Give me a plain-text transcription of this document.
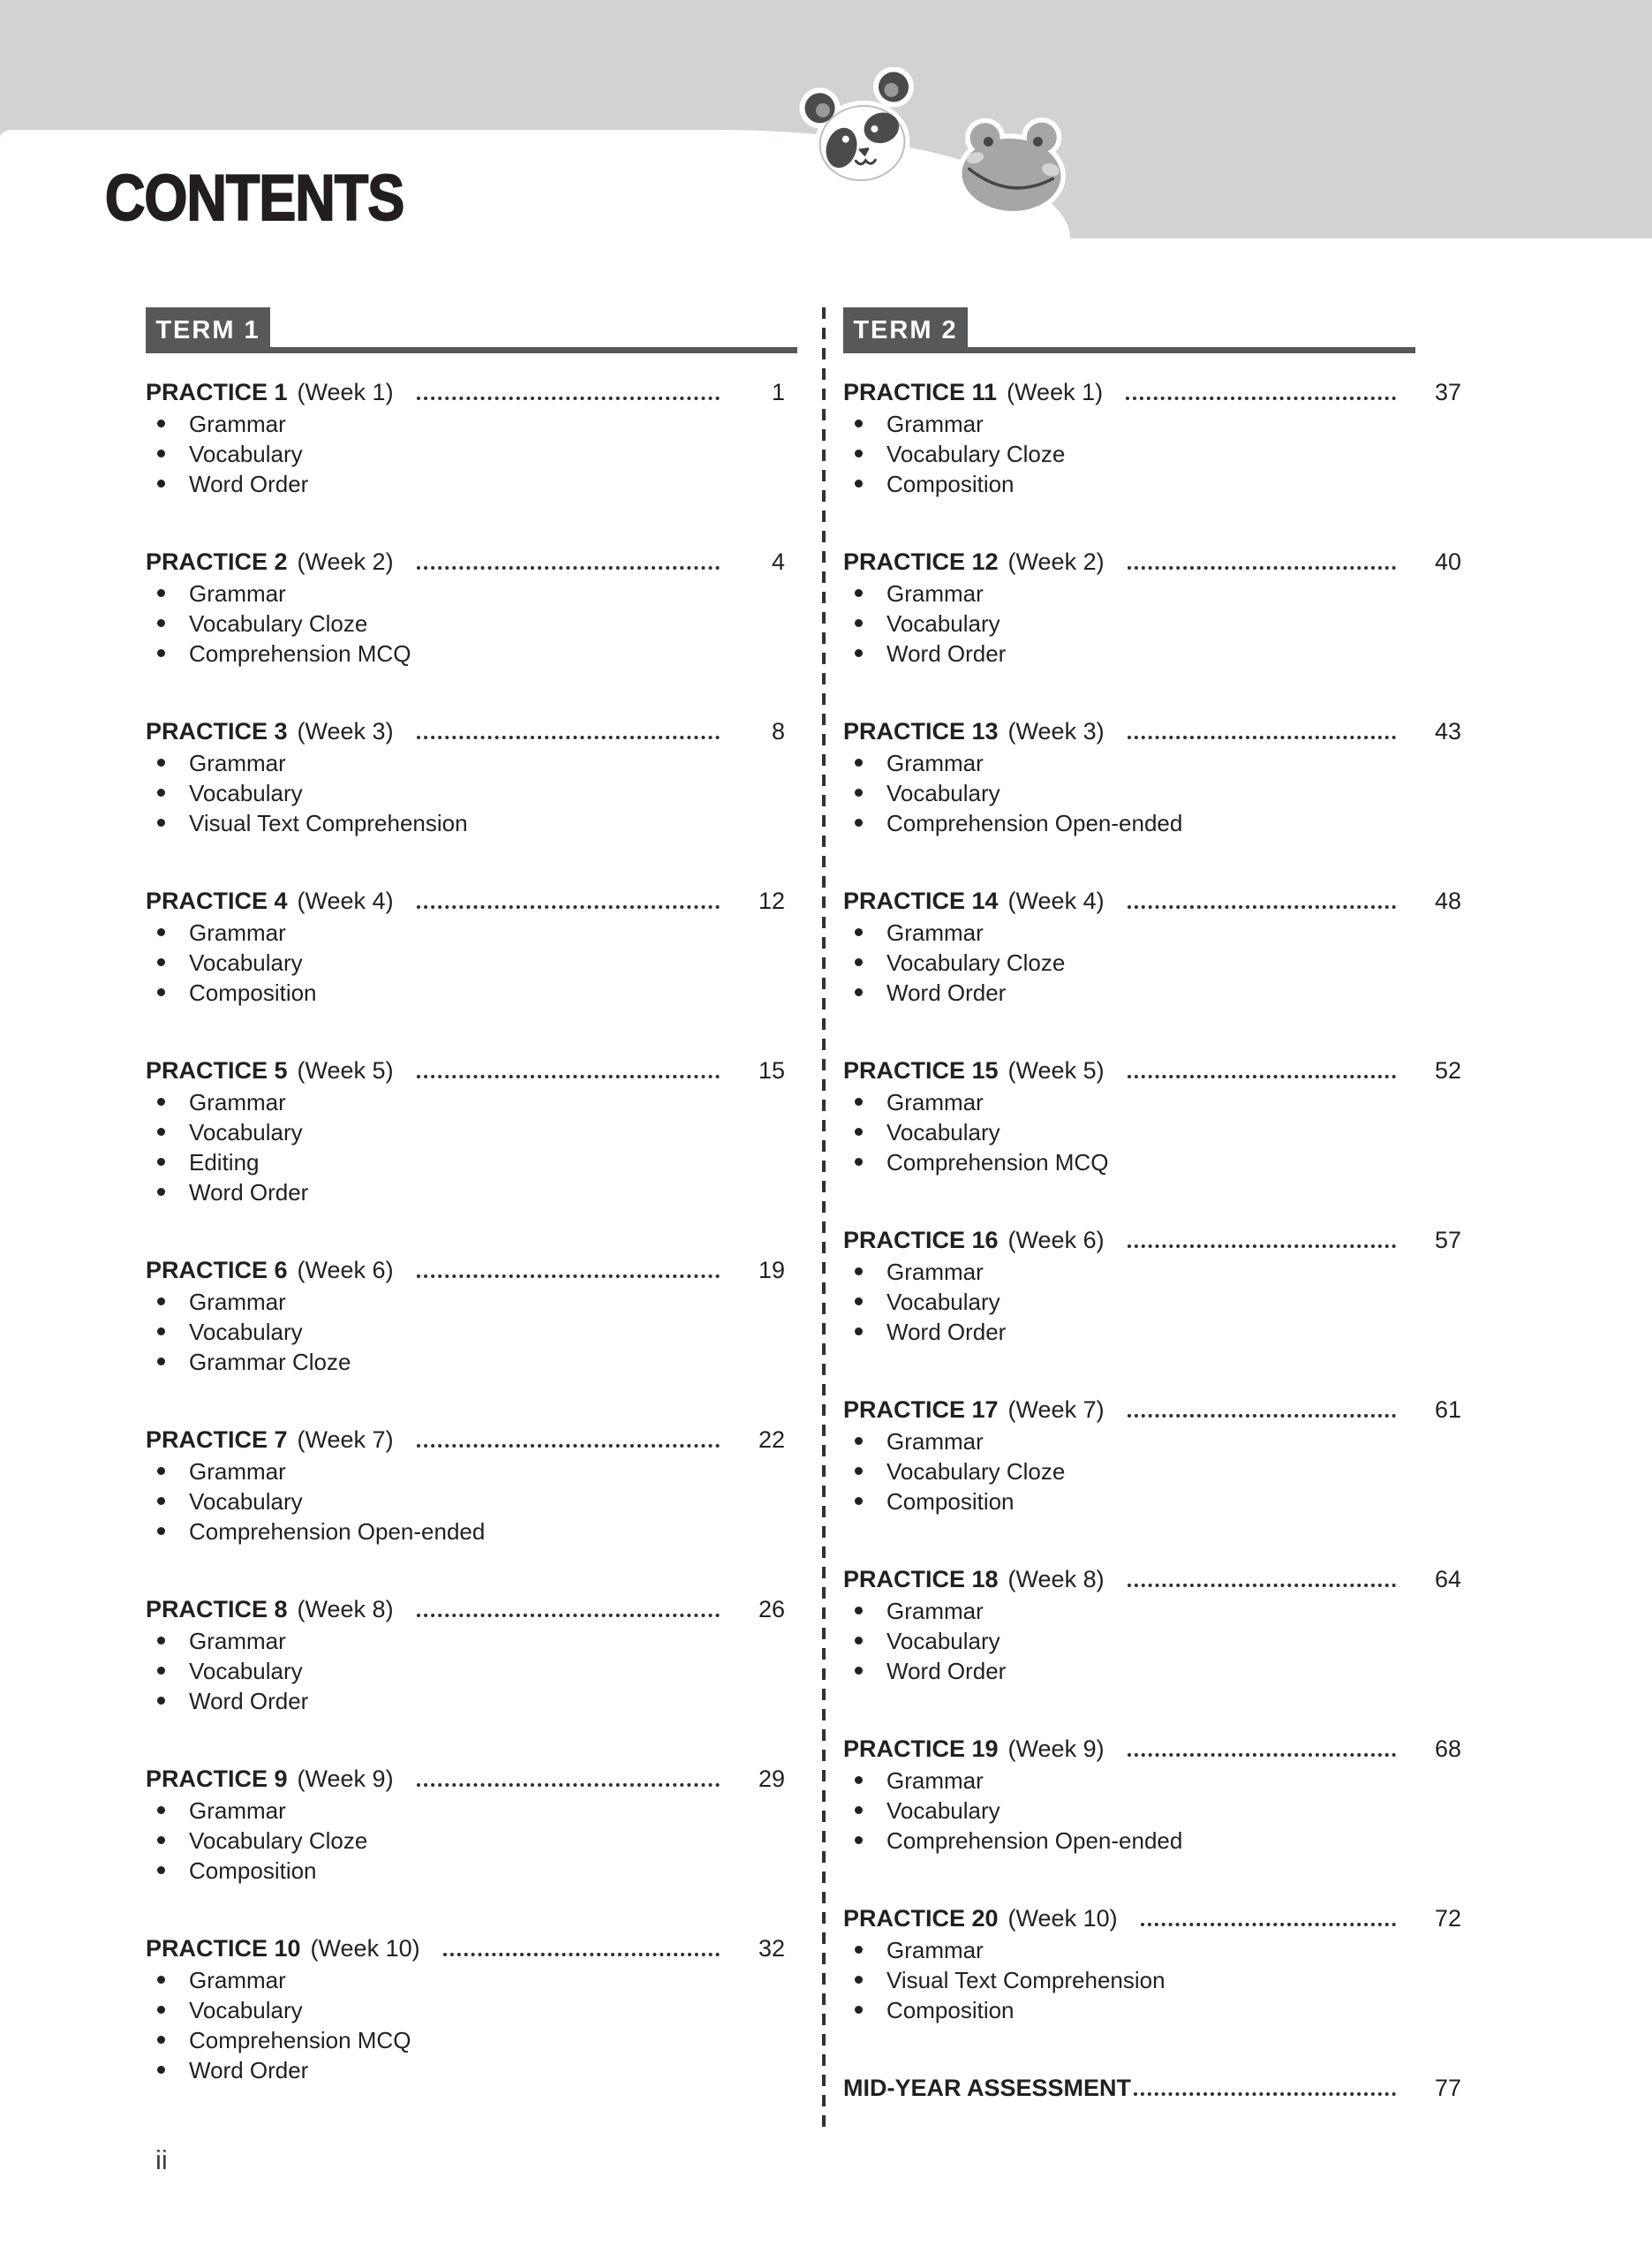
CONTENTS
TERM 1
PRACTICE 1 (Week 1)	1
Grammar
Vocabulary
Word Order
PRACTICE 2 (Week 2)	4
Grammar
Vocabulary Cloze
Comprehension MCQ
PRACTICE 3 (Week 3)	8
Grammar
Vocabulary
Visual Text Comprehension
PRACTICE 4 (Week 4)	12
Grammar
Vocabulary
Composition
PRACTICE 5 (Week 5)	15
Grammar
Vocabulary
Editing
Word Order
PRACTICE 6 (Week 6)	19
Grammar
Vocabulary
Grammar Cloze
PRACTICE 7 (Week 7)	22
Grammar
Vocabulary
Comprehension Open-ended
PRACTICE 8 (Week 8)	26
Grammar
Vocabulary
Word Order
PRACTICE 9 (Week 9)	29
Grammar
Vocabulary Cloze
Composition
PRACTICE 10 (Week 10)	32
Grammar
Vocabulary
Comprehension MCQ
Word Order
TERM 2
PRACTICE 11 (Week 1)	37
Grammar
Vocabulary Cloze
Composition
PRACTICE 12 (Week 2)	40
Grammar
Vocabulary
Word Order
PRACTICE 13 (Week 3)	43
Grammar
Vocabulary
Comprehension Open-ended
PRACTICE 14 (Week 4)	48
Grammar
Vocabulary Cloze
Word Order
PRACTICE 15 (Week 5)	52
Grammar
Vocabulary
Comprehension MCQ
PRACTICE 16 (Week 6)	57
Grammar
Vocabulary
Word Order
PRACTICE 17 (Week 7)	61
Grammar
Vocabulary Cloze
Composition
PRACTICE 18 (Week 8)	64
Grammar
Vocabulary
Word Order
PRACTICE 19 (Week 9)	68
Grammar
Vocabulary
Comprehension Open-ended
PRACTICE 20 (Week 10)	72
Grammar
Visual Text Comprehension
Composition
MID-YEAR ASSESSMENT	77
ii
